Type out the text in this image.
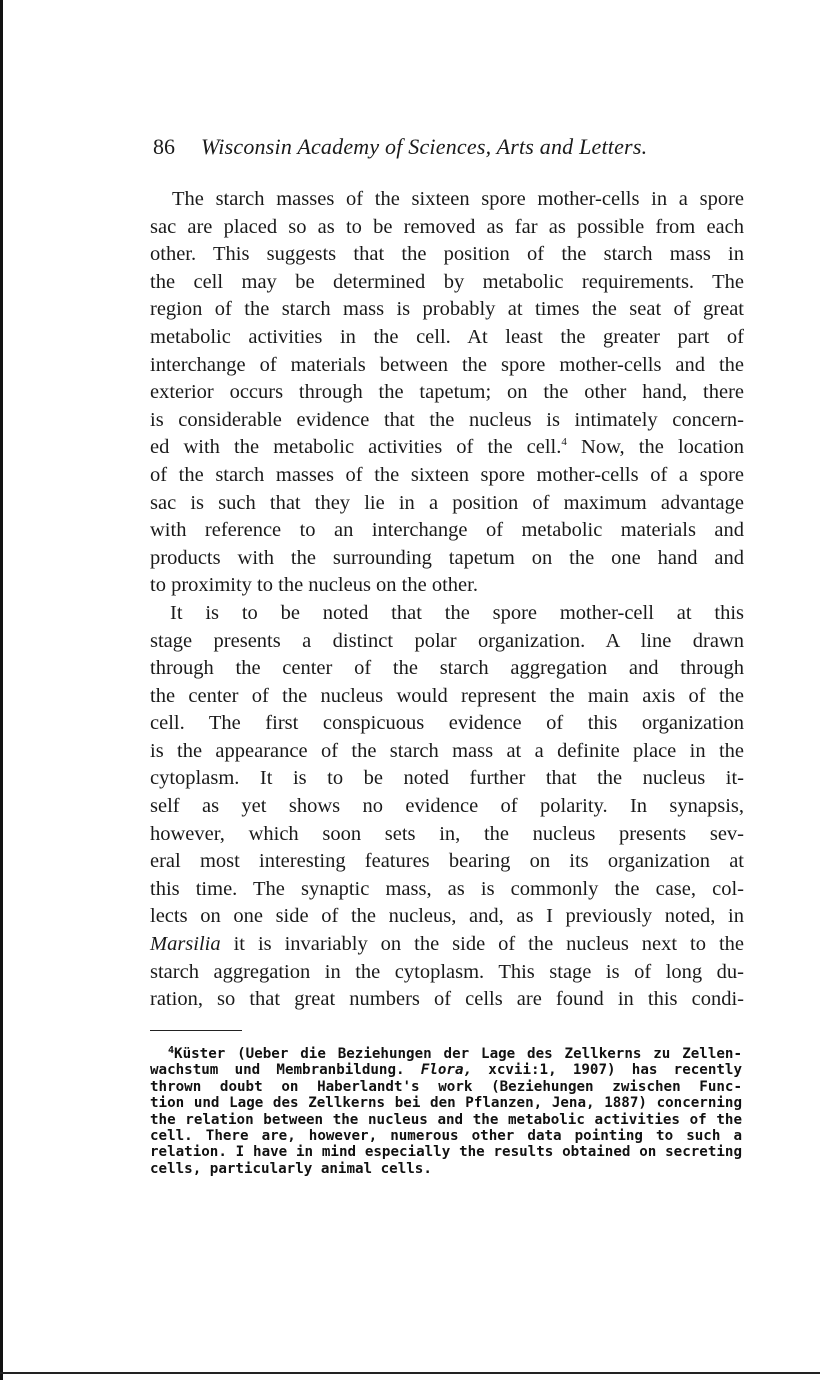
86 Wisconsin Academy of Sciences, Arts and Letters.
The starch masses of the sixteen spore mother-cells in a spore
sac are placed so as to be removed as far as possible from each
other. This suggests that the position of the starch mass in
the cell may be determined by metabolic requirements. The
region of the starch mass is probably at times the seat of great
metabolic activities in the cell. At least the greater part of
interchange of materials between the spore mother-cells and the
exterior occurs through the tapetum; on the other hand, there
is considerable evidence that the nucleus is intimately concern-
ed with the metabolic activities of the cell.$^4$ Now, the location
of the starch masses of the sixteen spore mother-cells of a spore
sac is such that they lie in a position of maximum advantage
with reference to an interchange of metabolic materials and
products with the surrounding tapetum on the one hand and
to proximity to the nucleus on the other.
It is to be noted that the spore mother-cell at this
stage presents a distinct polar organization. A line drawn
through the center of the starch aggregation and through
the center of the nucleus would represent the main axis of the
cell. The first conspicuous evidence of this organization
is the appearance of the starch mass at a definite place in the
cytoplasm. It is to be noted further that the nucleus it-
self as yet shows no evidence of polarity. In synapsis,
however, which soon sets in, the nucleus presents sev-
eral most interesting features bearing on its organization at
this time. The synaptic mass, as is commonly the case, col-
lects on one side of the nucleus, and, as I previously noted, in
Marsilia it is invariably on the side of the nucleus next to the
starch aggregation in the cytoplasm. This stage is of long du-
ration, so that great numbers of cells are found in this condi-
$^4$Küster (Ueber die Beziehungen der Lage des Zellkerns zu Zellen-
wachstum und Membranbildung. Flora, xcvii:1, 1907) has recently
thrown doubt on Haberlandt's work (Beziehungen zwischen Func-
tion und Lage des Zellkerns bei den Pflanzen, Jena, 1887) concerning
the relation between the nucleus and the metabolic activities of the
cell. There are, however, numerous other data pointing to such a
relation. I have in mind especially the results obtained on secreting
cells, particularly animal cells.
